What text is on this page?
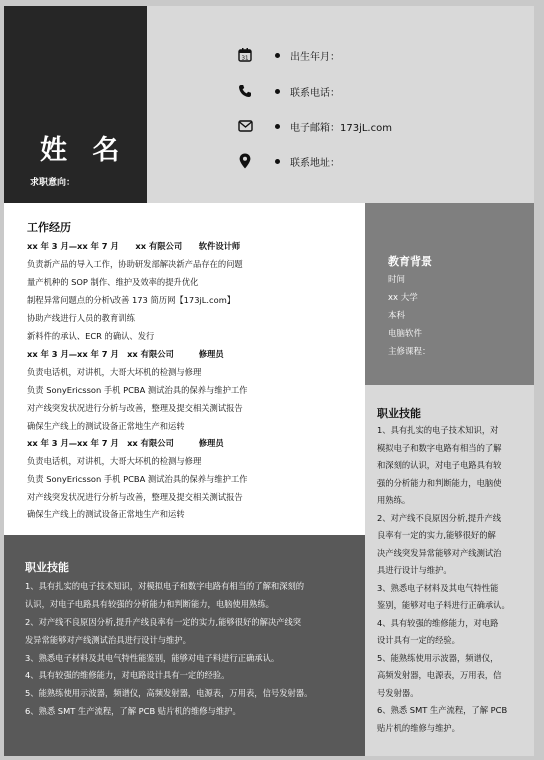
姓 名
求职意向：
31	出生年月：
联系电话：
电子邮箱：173jL.com
联系地址：
工作经历
xx 年 3 月—xx 年 7 月　　xx 有限公司　　软件设计师
负责新产品的导入工作，协助研发部解决新产品存在的问题
量产机种的 SOP 制作、维护及效率的提升优化
制程异常问题点的分析\改善 173 简历网【173jL.com】
协助产线进行人员的教育训练
新料件的承认、ECR 的确认、发行
xx 年 3 月—xx 年 7 月　xx 有限公司　　　修理员
负责电话机，对讲机，大哥大坏机的检测与修理
负责 SonyEricsson 手机 PCBA 测试治具的保养与维护工作
对产线突发状况进行分析与改善，整理及提交相关测试报告
确保生产线上的测试设备正常地生产和运转
xx 年 3 月—xx 年 7 月　xx 有限公司　　　修理员
负责电话机，对讲机，大哥大坏机的检测与修理
负责 SonyEricsson 手机 PCBA 测试治具的保养与维护工作
对产线突发状况进行分析与改善，整理及提交相关测试报告
确保生产线上的测试设备正常地生产和运转
职业技能
1、具有扎实的电子技术知识，对模拟电子和数字电路有相当的了解和深刻的
认识，对电子电路具有较强的分析能力和判断能力，电脑使用熟练。
2、对产线不良原因分析,提升产线良率有一定的实力,能够很好的解决产线突
发异常能够对产线测试治具进行设计与维护。
3、熟悉电子材料及其电气特性能鉴别，能够对电子料进行正确承认。
4、具有较强的维修能力，对电路设计具有一定的经验。
5、能熟练使用示波器，频谱仪，高频发射器，电源表，万用表，信号发射器。
6、熟悉 SMT 生产流程，了解 PCB 贴片机的维修与维护。
教育背景
时间
xx 大学
本科
电脑软件
主修课程：
职业技能
1、具有扎实的电子技术知识，对
模拟电子和数字电路有相当的了解
和深刻的认识，对电子电路具有较
强的分析能力和判断能力，电脑使
用熟练。
2、对产线不良原因分析,提升产线
良率有一定的实力,能够很好的解
决产线突发异常能够对产线测试治
具进行设计与维护。
3、熟悉电子材料及其电气特性能
鉴别，能够对电子料进行正确承认。
4、具有较强的维修能力，对电路
设计具有一定的经验。
5、能熟练使用示波器，频谱仪，
高频发射器，电源表，万用表，信
号发射器。
6、熟悉 SMT 生产流程，了解 PCB
贴片机的维修与维护。
